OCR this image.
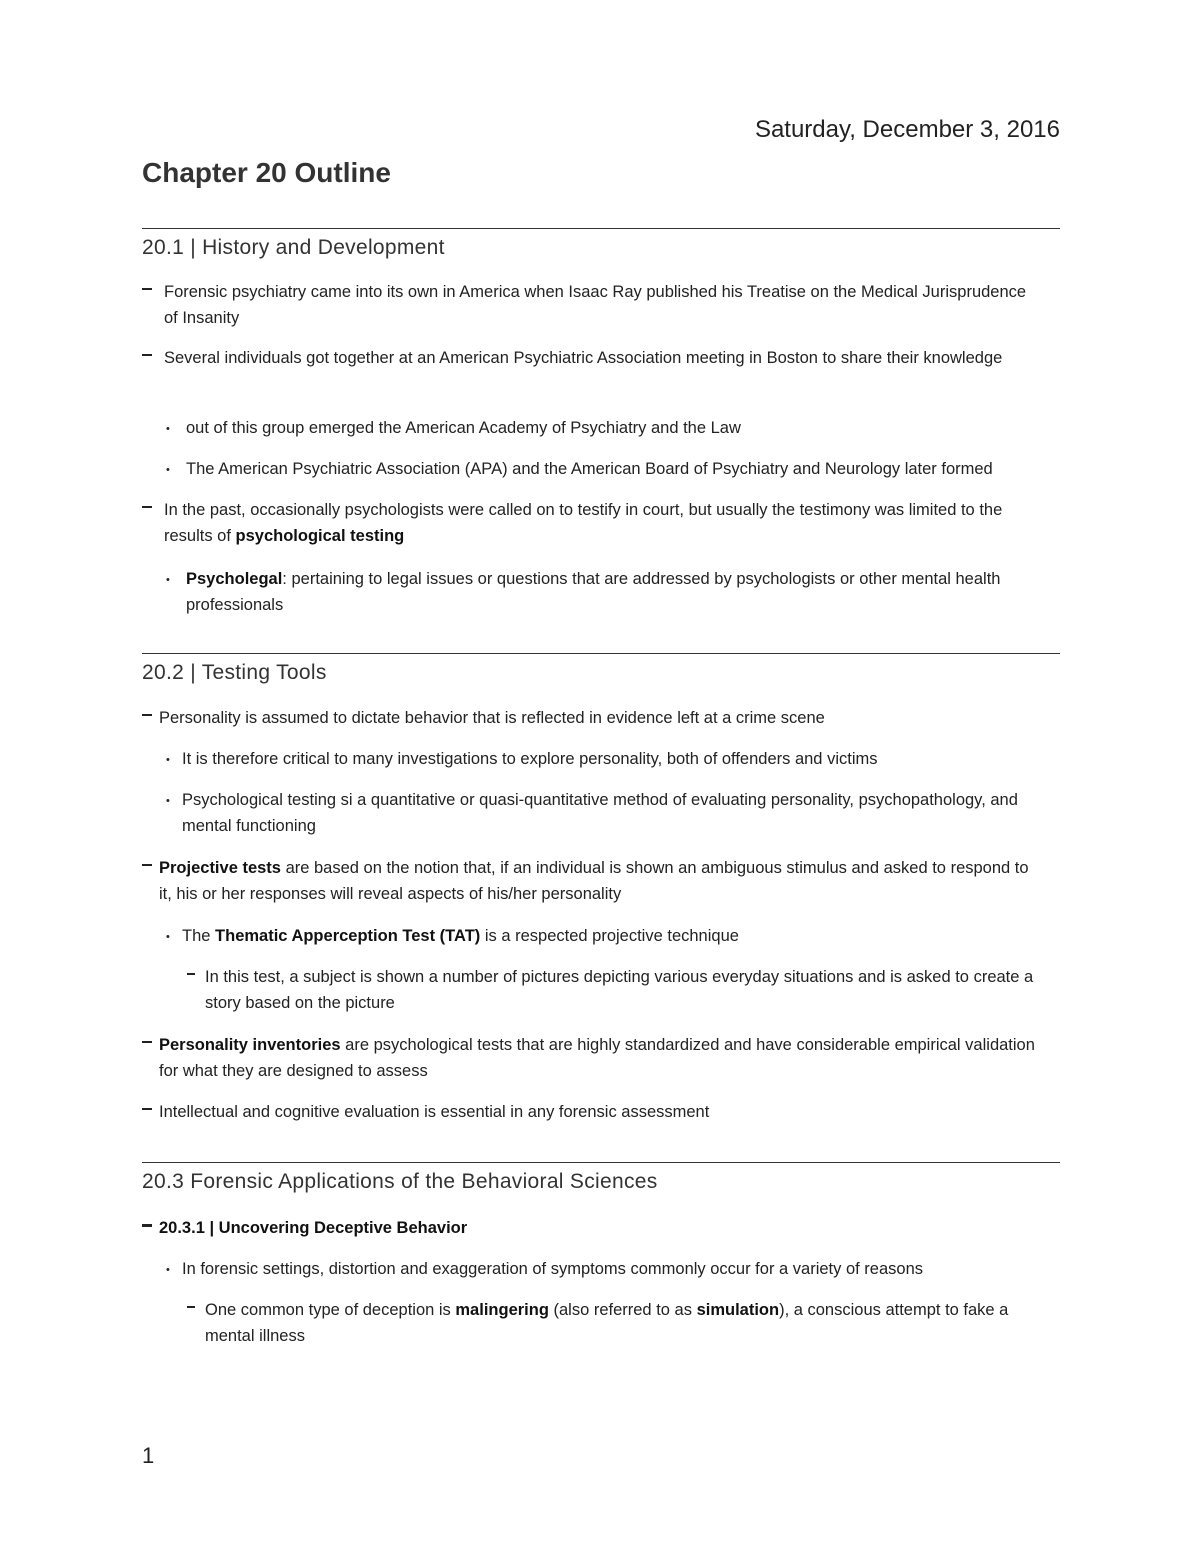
Saturday, December 3, 2016
Chapter 20 Outline
20.1 | History and Development
Forensic psychiatry came into its own in America when Isaac Ray published his Treatise on the Medical Jurisprudence of Insanity
Several individuals got together at an American Psychiatric Association meeting in Boston to share their knowledge
• out of this group emerged the American Academy of Psychiatry and the Law
• The American Psychiatric Association (APA) and the American Board of Psychiatry and Neurology later formed
In the past, occasionally psychologists were called on to testify in court, but usually the testimony was limited to the results of psychological testing
• Psycholegal: pertaining to legal issues or questions that are addressed by psychologists or other mental health professionals
20.2 | Testing Tools
Personality is assumed to dictate behavior that is reflected in evidence left at a crime scene
• It is therefore critical to many investigations to explore personality, both of offenders and victims
• Psychological testing si a quantitative or quasi-quantitative method of evaluating personality, psychopathology, and mental functioning
Projective tests are based on the notion that, if an individual is shown an ambiguous stimulus and asked to respond to it, his or her responses will reveal aspects of his/her personality
• The Thematic Apperception Test (TAT) is a respected projective technique
In this test, a subject is shown a number of pictures depicting various everyday situations and is asked to create a story based on the picture
Personality inventories are psychological tests that are highly standardized and have considerable empirical validation for what they are designed to assess
Intellectual and cognitive evaluation is essential in any forensic assessment
20.3 Forensic Applications of the Behavioral Sciences
20.3.1 | Uncovering Deceptive Behavior
• In forensic settings, distortion and exaggeration of symptoms commonly occur for a variety of reasons
One common type of deception is malingering (also referred to as simulation), a conscious attempt to fake a mental illness
1
